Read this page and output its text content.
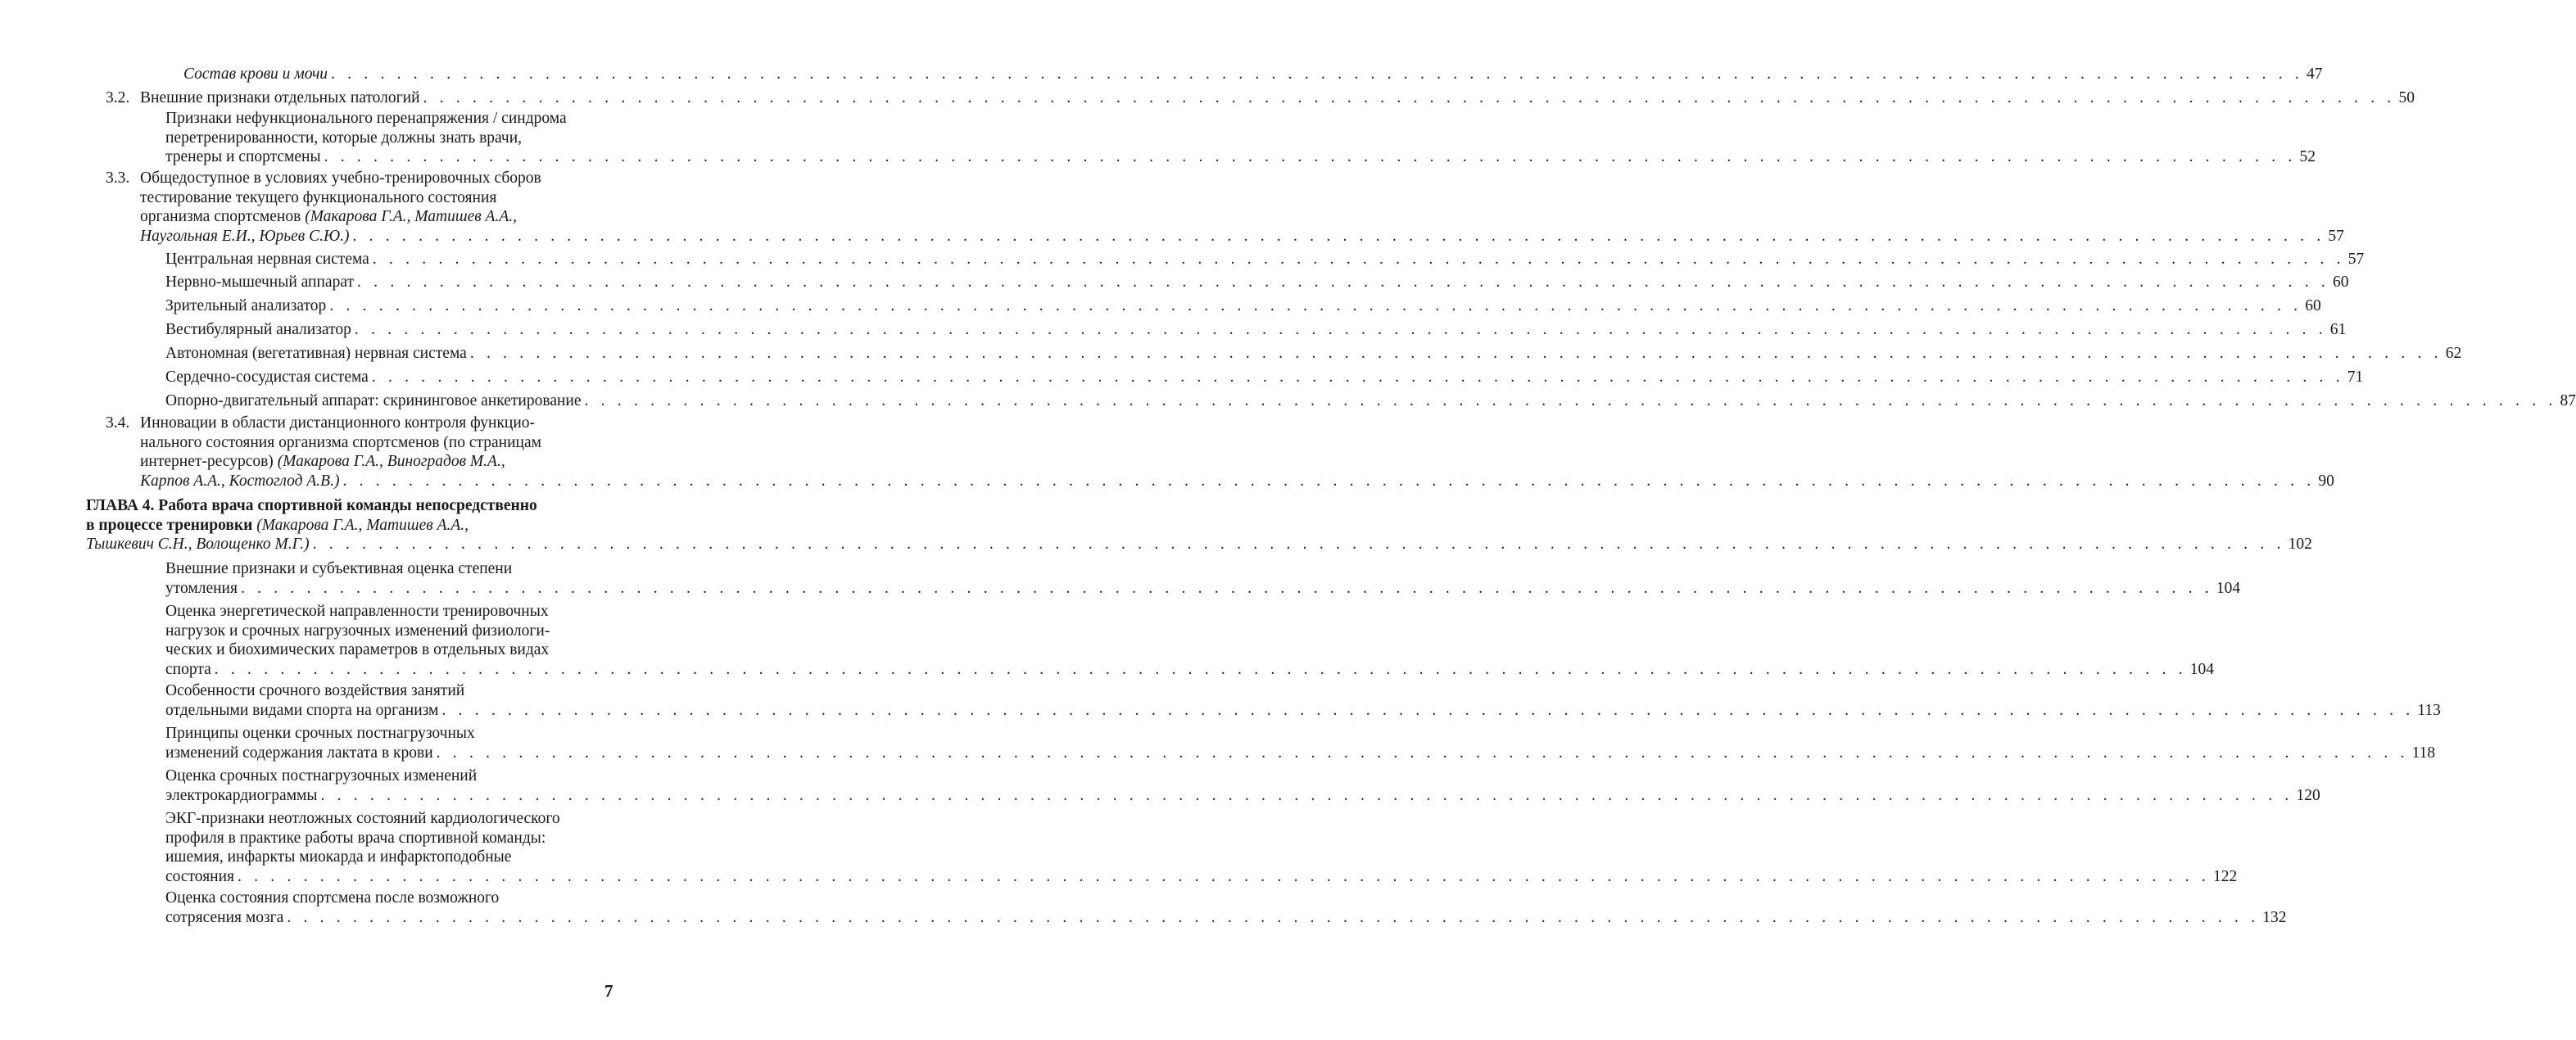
Состав крови и мочи . . . . . . . . . . . . . . . . . . . . . . . . . . . . . . . . . . . . . . . . . . . . . . . . . . . . . . . . . . . . . . . . . . . . . . . . . . . . . . . . . . . . . . . . . . . . . . . . . . . . . . . . . . . . . . . . . . . . . . . . 47
3.2. Внешние признаки отдельных патологий . . . . . . . . . . . . . . . . . . . . . . . . . . . . . . . . . . . . . . . . . . . . . . . . . . . . . . . . . . . . . . . . . . . . . . . . . . . . . . . . . . . . . . . . . . . . . . . . . . . . . . . . . . . . . . . . . . . . . . . . 50
Признаки нефункционального перенапряжения / синдрома
перетренированности, которые должны знать врачи,
тренеры и спортсмены . . . . . . . . . . . . . . . . . . . . . . . . . . . . . . . . . . . . . . . . . . . . . . . . . . . . . . . . . . . . . . . . . . . . . . . . . . . . . . . . . . . . . . . . . . . . . . . . . . . . . . . . . . . . . . . . . . . . . . . . 52
3.3. Общедоступное в условиях учебно-тренировочных сборов
тестирование текущего функционального состояния
организма спортсменов (Макарова Г.А., Матишев А.А.,
Наугольная Е.И., Юрьев С.Ю.) . . . . . . . . . . . . . . . . . . . . . . . . . . . . . . . . . . . . . . . . . . . . . . . . . . . . . . . . . . . . . . . . . . . . . . . . . . . . . . . . . . . . . . . . . . . . . . . . . . . . . . . . . . . . . . . . . . . . . . . . 57
Центральная нервная система . . . . . . . . . . . . . . . . . . . . . . . . . . . . . . . . . . . . . . . . . . . . . . . . . . . . . . . . . . . . . . . . . . . . . . . . . . . . . . . . . . . . . . . . . . . . . . . . . . . . . . . . . . . . . . . . . . . . . . . . 57
Нервно-мышечный аппарат . . . . . . . . . . . . . . . . . . . . . . . . . . . . . . . . . . . . . . . . . . . . . . . . . . . . . . . . . . . . . . . . . . . . . . . . . . . . . . . . . . . . . . . . . . . . . . . . . . . . . . . . . . . . . . . . . . . . . . . . 60
Зрительный анализатор . . . . . . . . . . . . . . . . . . . . . . . . . . . . . . . . . . . . . . . . . . . . . . . . . . . . . . . . . . . . . . . . . . . . . . . . . . . . . . . . . . . . . . . . . . . . . . . . . . . . . . . . . . . . . . . . . . . . . . . . 60
Вестибулярный анализатор . . . . . . . . . . . . . . . . . . . . . . . . . . . . . . . . . . . . . . . . . . . . . . . . . . . . . . . . . . . . . . . . . . . . . . . . . . . . . . . . . . . . . . . . . . . . . . . . . . . . . . . . . . . . . . . . . . . . . . . . 61
Автономная (вегетативная) нервная система . . . . . . . . . . . . . . . . . . . . . . . . . . . . . . . . . . . . . . . . . . . . . . . . . . . . . . . . . . . . . . . . . . . . . . . . . . . . . . . . . . . . . . . . . . . . . . . . . . . . . . . . . . . . . . . . . . . . . . . . 62
Сердечно-сосудистая система . . . . . . . . . . . . . . . . . . . . . . . . . . . . . . . . . . . . . . . . . . . . . . . . . . . . . . . . . . . . . . . . . . . . . . . . . . . . . . . . . . . . . . . . . . . . . . . . . . . . . . . . . . . . . . . . . . . . . . . . 71
Опорно-двигательный аппарат: скрининговое анкетирование . . . . . . . . . . . . . . . . . . . . . . . . . . . . . . . . . . . . . . . . . . . . . . . . . . . . . . . . . . . . . . . . . . . . . . . . . . . . . . . . . . . . . . . . . . . . . . . . . . . . . . . . . . . . . . . . . . . . . . . . 87
3.4. Инновации в области дистанционного контроля функцио-
нального состояния организма спортсменов (по страницам
интернет-ресурсов) (Макарова Г.А., Виноградов М.А.,
Карпов А.А., Костоглод А.В.) . . . . . . . . . . . . . . . . . . . . . . . . . . . . . . . . . . . . . . . . . . . . . . . . . . . . . . . . . . . . . . . . . . . . . . . . . . . . . . . . . . . . . . . . . . . . . . . . . . . . . . . . . . . . . . . . . . . . . . . . 90
ГЛАВА 4. Работа врача спортивной команды непосредственно
в процессе тренировки (Макарова Г.А., Матишев А.А.,
Тышкевич С.Н., Волощенко М.Г.) . . . . . . . . . . . . . . . . . . . . . . . . . . . . . . . . . . . . . . . . . . . . . . . . . . . . . . . . . . . . . . . . . . . . . . . . . . . . . . . . . . . . . . . . . . . . . . . . . . . . . . . . . . . . . . . . . . . . . . . . 102
Внешние признаки и субъективная оценка степени
утомления . . . . . . . . . . . . . . . . . . . . . . . . . . . . . . . . . . . . . . . . . . . . . . . . . . . . . . . . . . . . . . . . . . . . . . . . . . . . . . . . . . . . . . . . . . . . . . . . . . . . . . . . . . . . . . . . . . . . . . . . 104
Оценка энергетической направленности тренировочных
нагрузок и срочных нагрузочных изменений физиологи-
ческих и биохимических параметров в отдельных видах
спорта . . . . . . . . . . . . . . . . . . . . . . . . . . . . . . . . . . . . . . . . . . . . . . . . . . . . . . . . . . . . . . . . . . . . . . . . . . . . . . . . . . . . . . . . . . . . . . . . . . . . . . . . . . . . . . . . . . . . . . . . 104
Особенности срочного воздействия занятий
отдельными видами спорта на организм . . . . . . . . . . . . . . . . . . . . . . . . . . . . . . . . . . . . . . . . . . . . . . . . . . . . . . . . . . . . . . . . . . . . . . . . . . . . . . . . . . . . . . . . . . . . . . . . . . . . . . . . . . . . . . . . . . . . . . . . 113
Принципы оценки срочных постнагрузочных
изменений содержания лактата в крови . . . . . . . . . . . . . . . . . . . . . . . . . . . . . . . . . . . . . . . . . . . . . . . . . . . . . . . . . . . . . . . . . . . . . . . . . . . . . . . . . . . . . . . . . . . . . . . . . . . . . . . . . . . . . . . . . . . . . . . . 118
Оценка срочных постнагрузочных изменений
электрокардиограммы . . . . . . . . . . . . . . . . . . . . . . . . . . . . . . . . . . . . . . . . . . . . . . . . . . . . . . . . . . . . . . . . . . . . . . . . . . . . . . . . . . . . . . . . . . . . . . . . . . . . . . . . . . . . . . . . . . . . . . . . 120
ЭКГ-признаки неотложных состояний кардиологического
профиля в практике работы врача спортивной команды:
ишемия, инфаркты миокарда и инфарктоподобные
состояния . . . . . . . . . . . . . . . . . . . . . . . . . . . . . . . . . . . . . . . . . . . . . . . . . . . . . . . . . . . . . . . . . . . . . . . . . . . . . . . . . . . . . . . . . . . . . . . . . . . . . . . . . . . . . . . . . . . . . . . . 122
Оценка состояния спортсмена после возможного
сотрясения мозга . . . . . . . . . . . . . . . . . . . . . . . . . . . . . . . . . . . . . . . . . . . . . . . . . . . . . . . . . . . . . . . . . . . . . . . . . . . . . . . . . . . . . . . . . . . . . . . . . . . . . . . . . . . . . . . . . . . . . . . . 132
7
